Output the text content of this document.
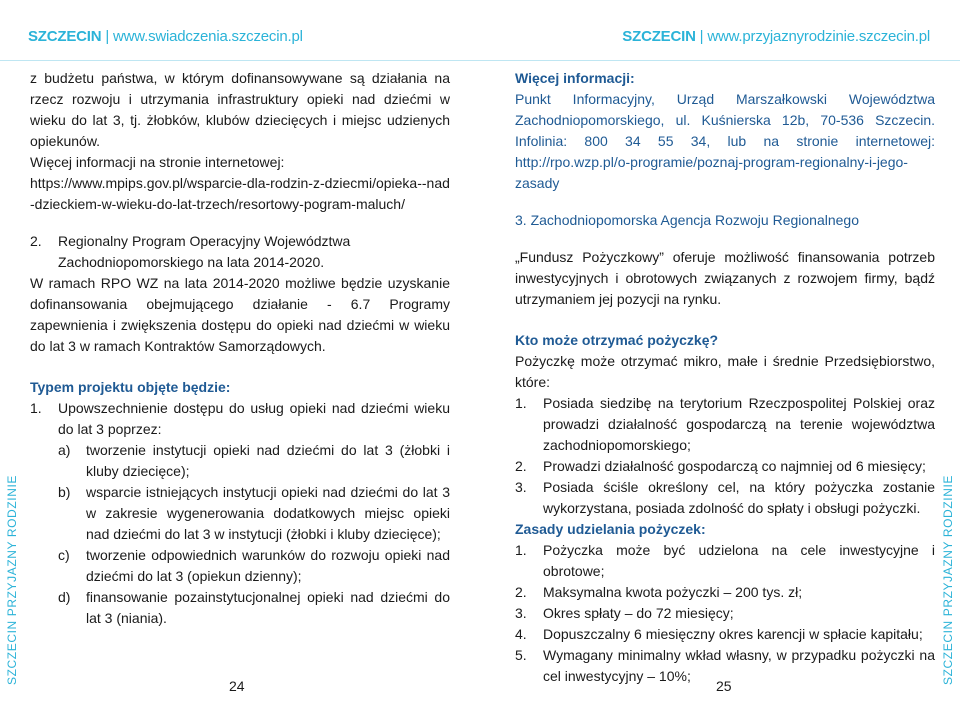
SZCZECIN | www.swiadczenia.szczecin.pl	SZCZECIN | www.przyjaznyrodzinie.szczecin.pl
SZCZECIN PRZYJAZNY RODZINIE	SZCZECIN PRZYJAZNY RODZINIE

z budżetu państwa, w którym dofinansowywane są działania na rzecz rozwoju i utrzymania infrastruktury opieki nad dziećmi w wieku do lat 3, tj. żłobków, klubów dziecięcych i miejsc udzienych opiekunów.

Więcej informacji na stronie internetowej:

https://www.mpips.gov.pl/wsparcie-dla-rodzin-z-dziecmi/opieka--nad-dzieckiem-w-wieku-do-lat-trzech/resortowy-pogram-maluch/

2.	Regionalny Program Operacyjny Województwa Zachodniopomorskiego na lata 2014-2020.

W ramach RPO WZ na lata 2014-2020 możliwe będzie uzyskanie dofinansowania obejmującego działanie - 6.7 Programy zapewnienia i zwiększenia dostępu do opieki nad dziećmi w wieku do lat 3 w ramach Kontraktów Samorządowych.

Typem projektu objęte będzie:

1.	Upowszechnienie dostępu do usług opieki nad dziećmi wieku do lat 3 poprzez:
a)	tworzenie instytucji opieki nad dziećmi do lat 3 (żłobki i kluby dziecięce);
b)	wsparcie istniejących instytucji opieki nad dziećmi do lat 3 w zakresie wygenerowania dodatkowych miejsc opieki nad dziećmi do lat 3 w instytucji (żłobki i kluby dziecięce);
c)	tworzenie odpowiednich warunków do rozwoju opieki nad dziećmi do lat 3 (opiekun dzienny);
d)	finansowanie pozainstytucjonalnej opieki nad dziećmi do lat 3 (niania).

Więcej informacji:

Punkt Informacyjny, Urząd Marszałkowski Województwa Zachodniopomorskiego, ul. Kuśnierska 12b, 70-536 Szczecin. Infolinia: 800 34 55 34, lub na stronie internetowej: http://rpo.wzp.pl/o-programie/poznaj-program-regionalny-i-jego-zasady

3. Zachodniopomorska Agencja Rozwoju Regionalnego

„Fundusz Pożyczkowy” oferuje możliwość finansowania potrzeb inwestycyjnych i obrotowych związanych z rozwojem firmy, bądź utrzymaniem jej pozycji na rynku.

Kto może otrzymać pożyczkę?

Pożyczkę może otrzymać mikro, małe i średnie Przedsiębiorstwo, które:

1.	Posiada siedzibę na terytorium Rzeczpospolitej Polskiej oraz prowadzi działalność gospodarczą na terenie województwa zachodniopomorskiego;
2.	Prowadzi działalność gospodarczą co najmniej od 6 miesięcy;
3.	Posiada ściśle określony cel, na który pożyczka zostanie wykorzystana, posiada zdolność do spłaty i obsługi pożyczki.

Zasady udzielania pożyczek:

1.	Pożyczka może być udzielona na cele inwestycyjne i obrotowe;
2.	Maksymalna kwota pożyczki – 200 tys. zł;
3.	Okres spłaty – do 72 miesięcy;
4.	Dopuszczalny 6 miesięczny okres karencji w spłacie kapitału;
5.	Wymagany minimalny wkład własny, w przypadku pożyczki na cel inwestycyjny – 10%;
24	25
